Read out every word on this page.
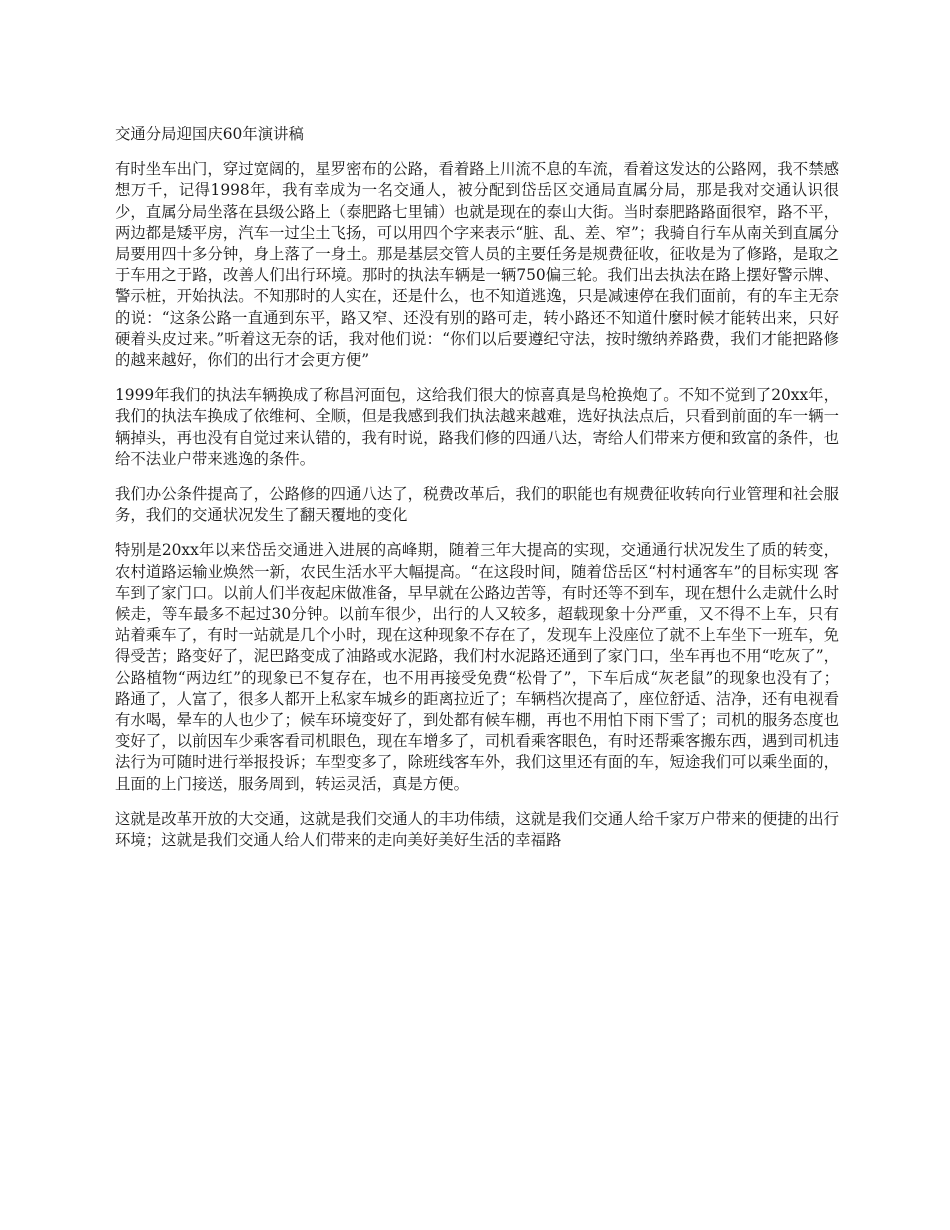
交通分局迎国庆60年演讲稿

有时坐车出门，穿过宽阔的，星罗密布的公路，看着路上川流不息的车流，看着这发达的公路网，我不禁感想万千，记得1998年，我有幸成为一名交通人，被分配到岱岳区交通局直属分局，那是我对交通认识很少，直属分局坐落在县级公路上（泰肥路七里铺）也就是现在的泰山大街。当时泰肥路路面很窄，路不平，两边都是矮平房，汽车一过尘土飞扬，可以用四个字来表示“脏、乱、差、窄”；我骑自行车从南关到直属分局要用四十多分钟，身上落了一身土。那是基层交管人员的主要任务是规费征收，征收是为了修路，是取之于车用之于路，改善人们出行环境。那时的执法车辆是一辆750偏三轮。我们出去执法在路上摆好警示牌、警示桩，开始执法。不知那时的人实在，还是什么，也不知道逃逸，只是减速停在我们面前，有的车主无奈的说：“这条公路一直通到东平，路又窄、还没有别的路可走，转小路还不知道什麼时候才能转出来，只好硬着头皮过来。”听着这无奈的话，我对他们说：“你们以后要遵纪守法，按时缴纳养路费，我们才能把路修的越来越好，你们的出行才会更方便”

1999年我们的执法车辆换成了称昌河面包，这给我们很大的惊喜真是鸟枪换炮了。不知不觉到了20xx年，我们的执法车换成了依维柯、全顺，但是我感到我们执法越来越难，选好执法点后，只看到前面的车一辆一辆掉头，再也没有自觉过来认错的，我有时说，路我们修的四通八达，寄给人们带来方便和致富的条件，也给不法业户带来逃逸的条件。

我们办公条件提高了，公路修的四通八达了，税费改革后，我们的职能也有规费征收转向行业管理和社会服务，我们的交通状况发生了翻天覆地的变化

特别是20xx年以来岱岳交通进入进展的高峰期，随着三年大提高的实现，交通通行状况发生了质的转变，农村道路运输业焕然一新，农民生活水平大幅提高。“在这段时间，随着岱岳区“村村通客车”的目标实现 客车到了家门口。以前人们半夜起床做准备，早早就在公路边苦等，有时还等不到车，现在想什么走就什么时候走，等车最多不起过30分钟。以前车很少，出行的人又较多，超载现象十分严重，又不得不上车，只有站着乘车了，有时一站就是几个小时，现在这种现象不存在了，发现车上没座位了就不上车坐下一班车，免得受苦；路变好了，泥巴路变成了油路或水泥路，我们村水泥路还通到了家门口，坐车再也不用“吃灰了”，公路植物“两边红”的现象已不复存在，也不用再接受免费“松骨了”，下车后成“灰老鼠”的现象也没有了；路通了，人富了，很多人都开上私家车城乡的距离拉近了；车辆档次提高了，座位舒适、洁净，还有电视看有水喝，晕车的人也少了；候车环境变好了，到处都有候车棚，再也不用怕下雨下雪了；司机的服务态度也变好了，以前因车少乘客看司机眼色，现在车增多了，司机看乘客眼色，有时还帮乘客搬东西，遇到司机违法行为可随时进行举报投诉；车型变多了，除班线客车外，我们这里还有面的车，短途我们可以乘坐面的，且面的上门接送，服务周到，转运灵活，真是方便。

这就是改革开放的大交通，这就是我们交通人的丰功伟绩，这就是我们交通人给千家万户带来的便捷的出行环境；这就是我们交通人给人们带来的走向美好美好生活的幸福路
